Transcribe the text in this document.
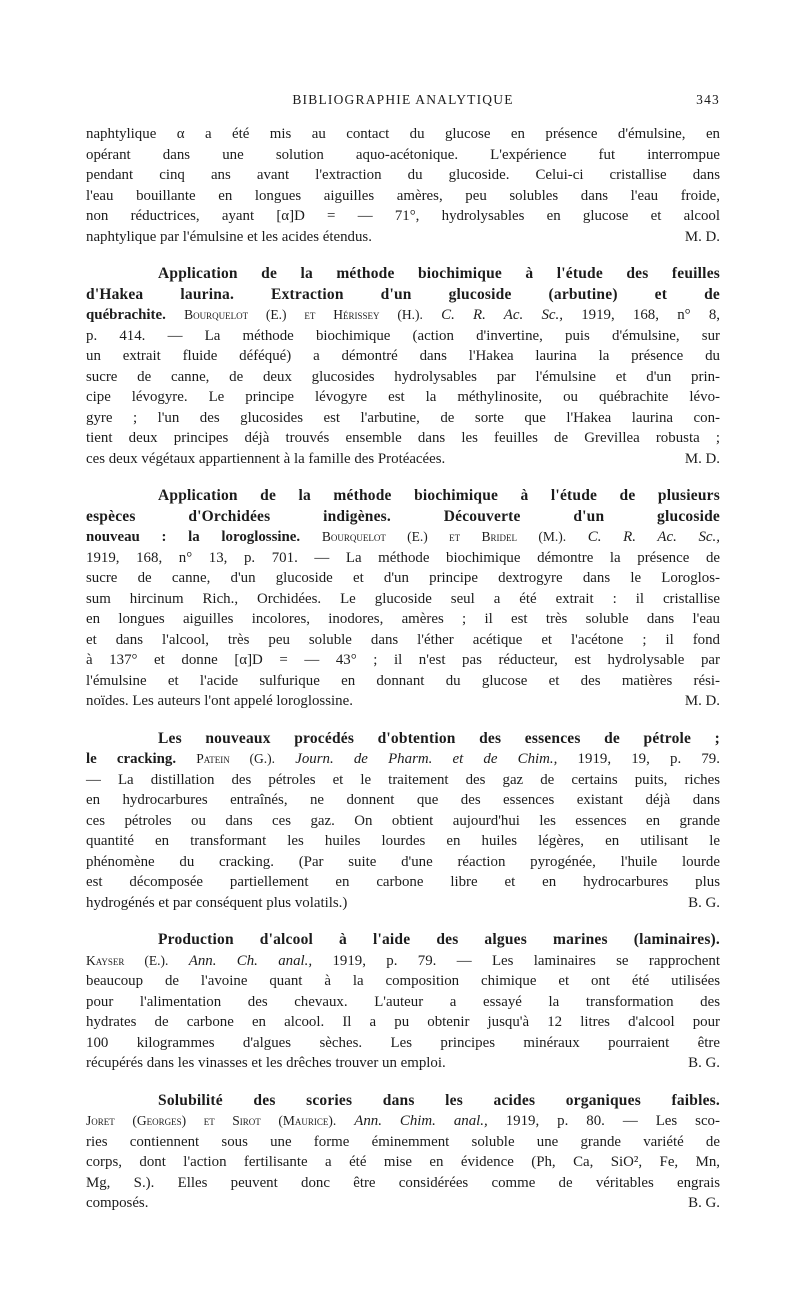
BIBLIOGRAPHIE ANALYTIQUE	343
naphtylique α a été mis au contact du glucose en présence d'émulsine, en
opérant dans une solution aquo-acétonique. L'expérience fut interrompue
pendant cinq ans avant l'extraction du glucoside. Celui-ci cristallise dans
l'eau bouillante en longues aiguilles amères, peu solubles dans l'eau froide,
non réductrices, ayant [α]D = — 71°, hydrolysables en glucose et alcool
naphtylique par l'émulsine et les acides étendus.	M. D.
Application de la méthode biochimique à l'étude des feuilles
d'Hakea laurina. Extraction d'un glucoside (arbutine) et de
québrachite. Bourquelot (E.) et Hérissey (H.). C. R. Ac. Sc., 1919, 168, n° 8,
p. 414. — La méthode biochimique (action d'invertine, puis d'émulsine, sur
un extrait fluide déféqué) a démontré dans l'Hakea laurina la présence du
sucre de canne, de deux glucosides hydrolysables par l'émulsine et d'un prin-
cipe lévogyre. Le principe lévogyre est la méthylinosite, ou québrachite lévo-
gyre ; l'un des glucosides est l'arbutine, de sorte que l'Hakea laurina con-
tient deux principes déjà trouvés ensemble dans les feuilles de Grevillea robusta ;
ces deux végétaux appartiennent à la famille des Protéacées.	M. D.
Application de la méthode biochimique à l'étude de plusieurs
espèces d'Orchidées indigènes. Découverte d'un glucoside
nouveau : la loroglossine. Bourquelot (E.) et Bridel (M.). C. R. Ac. Sc.,
1919, 168, n° 13, p. 701. — La méthode biochimique démontre la présence de
sucre de canne, d'un glucoside et d'un principe dextrogyre dans le Loroglos-
sum hircinum Rich., Orchidées. Le glucoside seul a été extrait : il cristallise
en longues aiguilles incolores, inodores, amères ; il est très soluble dans l'eau
et dans l'alcool, très peu soluble dans l'éther acétique et l'acétone ; il fond
à 137° et donne [α]D = — 43° ; il n'est pas réducteur, est hydrolysable par
l'émulsine et l'acide sulfurique en donnant du glucose et des matières rési-
noïdes. Les auteurs l'ont appelé loroglossine.	M. D.
Les nouveaux procédés d'obtention des essences de pétrole ;
le cracking. Patein (G.). Journ. de Pharm. et de Chim., 1919, 19, p. 79.
— La distillation des pétroles et le traitement des gaz de certains puits, riches
en hydrocarbures entraînés, ne donnent que des essences existant déjà dans
ces pétroles ou dans ces gaz. On obtient aujourd'hui les essences en grande
quantité en transformant les huiles lourdes en huiles légères, en utilisant le
phénomène du cracking. (Par suite d'une réaction pyrogénée, l'huile lourde
est décomposée partiellement en carbone libre et en hydrocarbures plus
hydrogénés et par conséquent plus volatils.)	B. G.
Production d'alcool à l'aide des algues marines (laminaires).
Kayser (E.). Ann. Ch. anal., 1919, p. 79. — Les laminaires se rapprochent
beaucoup de l'avoine quant à la composition chimique et ont été utilisées
pour l'alimentation des chevaux. L'auteur a essayé la transformation des
hydrates de carbone en alcool. Il a pu obtenir jusqu'à 12 litres d'alcool pour
100 kilogrammes d'algues sèches. Les principes minéraux pourraient être
récupérés dans les vinasses et les drêches trouver un emploi.	B. G.
Solubilité des scories dans les acides organiques faibles.
Joret (Georges) et Sirot (Maurice). Ann. Chim. anal., 1919, p. 80. — Les sco-
ries contiennent sous une forme éminemment soluble une grande variété de
corps, dont l'action fertilisante a été mise en évidence (Ph, Ca, SiO², Fe, Mn,
Mg, S.). Elles peuvent donc être considérées comme de véritables engrais
composés.	B. G.
